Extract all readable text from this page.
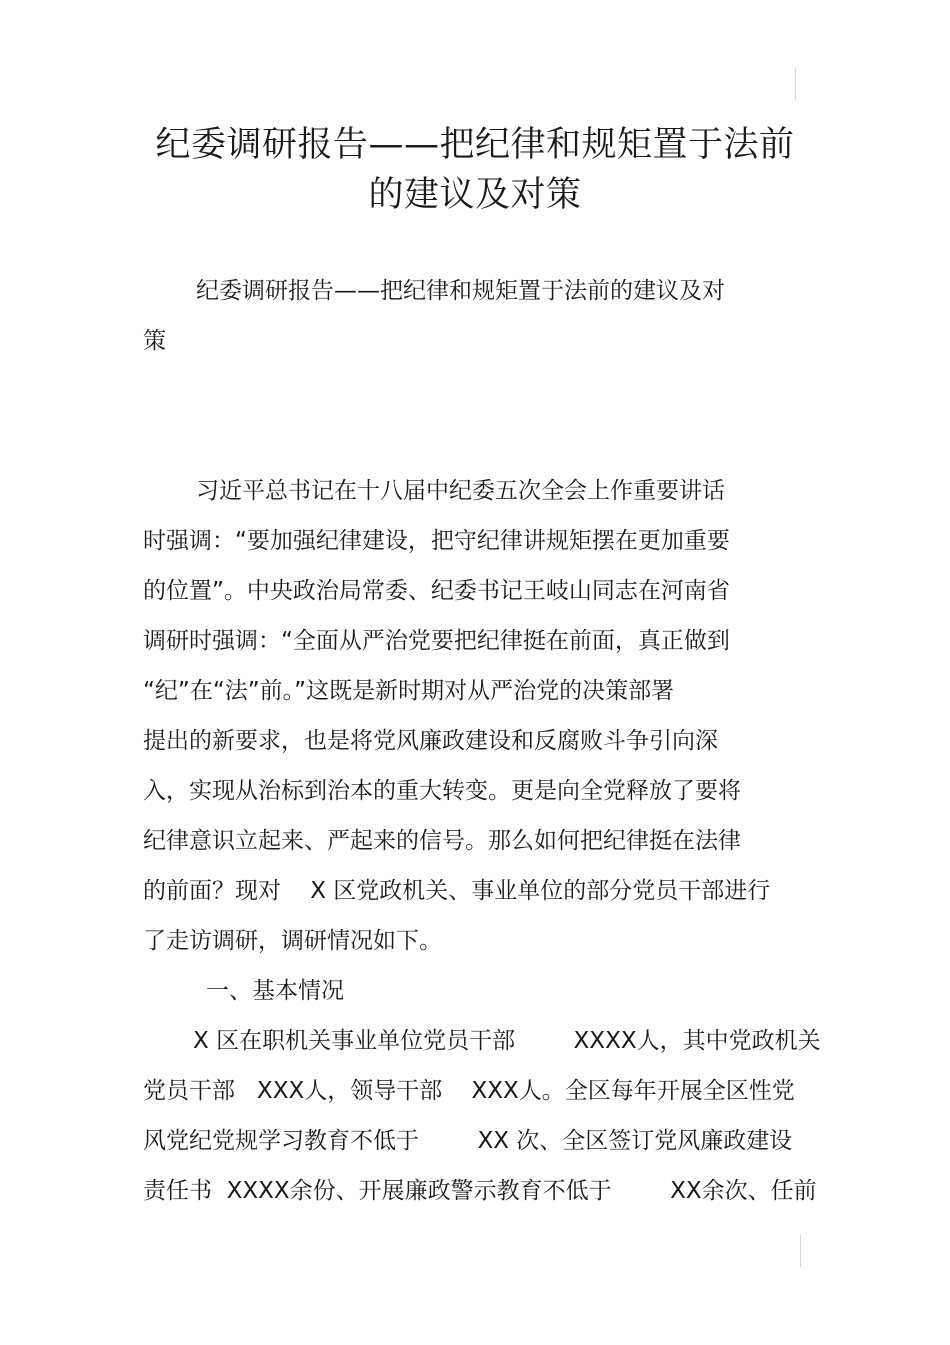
纪委调研报告——把纪律和规矩置于法前
的建议及对策

纪委调研报告——把纪律和规矩置于法前的建议及对

策

习近平总书记在十八届中纪委五次全会上作重要讲话

时强调：“要加强纪律建设，把守纪律讲规矩摆在更加重要

的位置”。中央政治局常委、纪委书记王岐山同志在河南省

调研时强调：“全面从严治党要把纪律挺在前面，真正做到

“纪”在“法”前。”这既是新时期对从严治党的决策部署

提出的新要求，也是将党风廉政建设和反腐败斗争引向深

入，实现从治标到治本的重大转变。更是向全党释放了要将

纪律意识立起来、严起来的信号。那么如何把纪律挺在法律

的前面？现对    X 区党政机关、事业单位的部分党员干部进行

了走访调研，调研情况如下。

一、基本情况

X 区在职机关事业单位党员干部        XXXX人，其中党政机关

党员干部   XXX人，领导干部    XXX人。全区每年开展全区性党

风党纪党规学习教育不低于        XX 次、全区签订党风廉政建设

责任书  XXXX余份、开展廉政警示教育不低于        XX余次、任前
